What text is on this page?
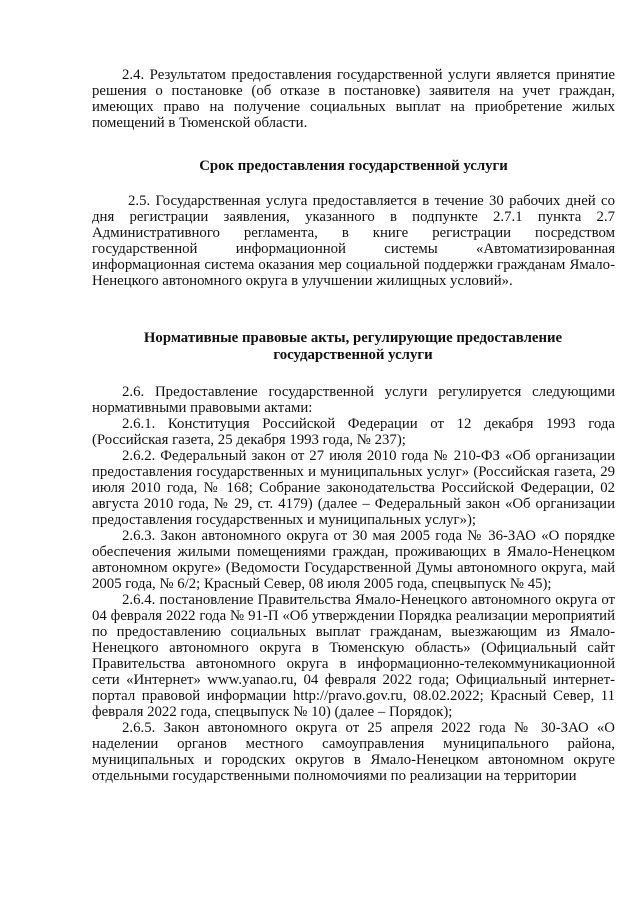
2.4. Результатом предоставления государственной услуги является принятие решения о постановке (об отказе в постановке) заявителя на учет граждан, имеющих право на получение социальных выплат на приобретение жилых помещений в Тюменской области.

Срок предоставления государственной услуги

2.5. Государственная услуга предоставляется в течение 30 рабочих дней со дня регистрации заявления, указанного в подпункте 2.7.1 пункта 2.7 Административного регламента, в книге регистрации посредством государственной информационной системы «Автоматизированная информационная система оказания мер социальной поддержки гражданам Ямало-Ненецкого автономного округа в улучшении жилищных условий».

Нормативные правовые акты, регулирующие предоставление государственной услуги

2.6. Предоставление государственной услуги регулируется следующими нормативными правовыми актами:

2.6.1. Конституция Российской Федерации от 12 декабря 1993 года (Российская газета, 25 декабря 1993 года, № 237);

2.6.2. Федеральный закон от 27 июля 2010 года № 210-ФЗ «Об организации предоставления государственных и муниципальных услуг» (Российская газета, 29 июля 2010 года, № 168; Собрание законодательства Российской Федерации, 02 августа 2010 года, № 29, ст. 4179) (далее – Федеральный закон «Об организации предоставления государственных и муниципальных услуг»);

2.6.3. Закон автономного округа от 30 мая 2005 года № 36-ЗАО «О порядке обеспечения жилыми помещениями граждан, проживающих в Ямало-Ненецком автономном округе» (Ведомости Государственной Думы автономного округа, май 2005 года, № 6/2; Красный Север, 08 июля 2005 года, спецвыпуск № 45);

2.6.4. постановление Правительства Ямало-Ненецкого автономного округа от 04 февраля 2022 года № 91-П «Об утверждении Порядка реализации мероприятий по предоставлению социальных выплат гражданам, выезжающим из Ямало-Ненецкого автономного округа в Тюменскую область» (Официальный сайт Правительства автономного округа в информационно-телекоммуникационной сети «Интернет» www.yanao.ru, 04 февраля 2022 года; Официальный интернет-портал правовой информации http://pravo.gov.ru, 08.02.2022; Красный Север, 11 февраля 2022 года, спецвыпуск № 10) (далее – Порядок);

2.6.5. Закон автономного округа от 25 апреля 2022 года № 30-ЗАО «О наделении органов местного самоуправления муниципального района, муниципальных и городских округов в Ямало-Ненецком автономном округе отдельными государственными полномочиями по реализации на территории
